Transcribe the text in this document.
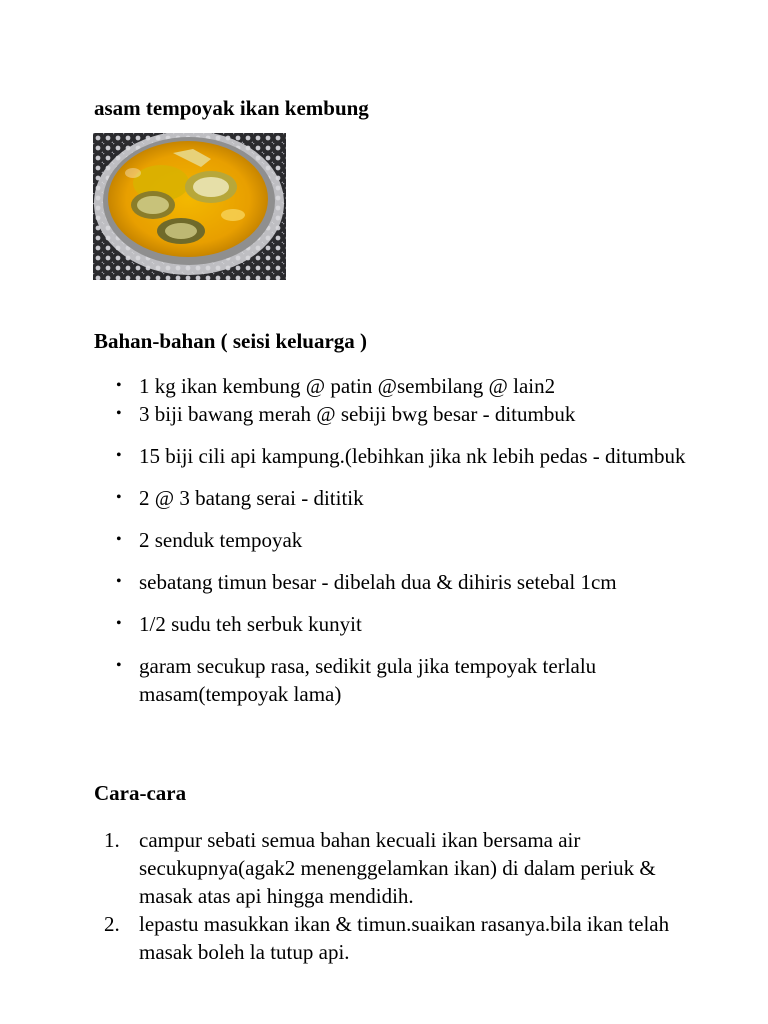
asam tempoyak ikan kembung
Bahan-bahan ( seisi keluarga )
• 1 kg ikan kembung @ patin @sembilang @ lain2
• 3 biji bawang merah @ sebiji bwg besar - ditumbuk
• 15 biji cili api kampung.(lebihkan jika nk lebih pedas - ditumbuk
• 2 @ 3 batang serai - dititik
• 2 senduk tempoyak
• sebatang timun besar - dibelah dua & dihiris setebal 1cm
• 1/2 sudu teh serbuk kunyit
• garam secukup rasa, sedikit gula jika tempoyak terlalu masam(tempoyak lama)
Cara-cara
1. campur sebati semua bahan kecuali ikan bersama air secukupnya(agak2 menenggelamkan ikan) di dalam periuk & masak atas api hingga mendidih.
2. lepastu masukkan ikan & timun.suaikan rasanya.bila ikan telah masak boleh la tutup api.
